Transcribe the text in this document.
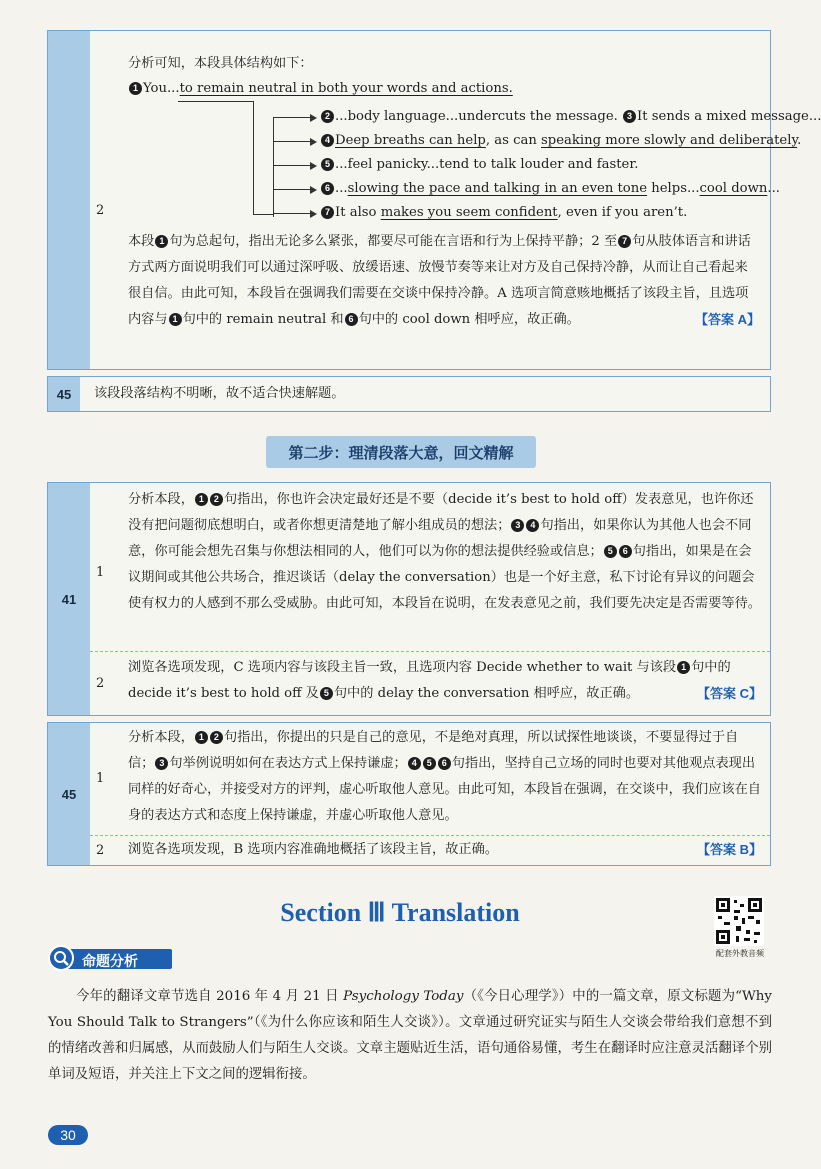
2
分析可知，本段具体结构如下：
1 You...to remain neutral in both your words and actions.
本段 1 句为总起句，指出无论多么紧张，都要尽可能在言语和行为上保持平静；2 至 7 句从肢体语言和讲话方式两方面说明我们可以通过深呼吸、放缓语速、放慢节奏等来让对方及自己保持冷静，从而让自己看起来很自信。由此可知，本段旨在强调我们需要在交谈中保持冷静。A 选项言简意赅地概括了该段主旨，且选项内容与 1 句中的 remain neutral 和 6 句中的 cool down 相呼应，故正确。	【答案 A】
2 ...body language...undercuts the message. 3 It sends a mixed message...
4 Deep breaths can help, as can speaking more slowly and deliberately.
5 ...feel panicky...tend to talk louder and faster.
6 ...slowing the pace and talking in an even tone helps...cool down...
7 It also makes you seem confident, even if you aren’t.
45	该段段落结构不明晰，故不适合快速解题。
第二步：理清段落大意，回文精解
41
1
分析本段， 1 2 句指出，你也许会决定最好还是不要（decide it’s best to hold off）发表意见，也许你还没有把问题彻底想明白，或者你想更清楚地了解小组成员的想法； 3 4 句指出，如果你认为其他人也会不同意，你可能会想先召集与你想法相同的人，他们可以为你的想法提供经验或信息； 5 6 句指出，如果是在会议期间或其他公共场合，推迟谈话（delay the conversation）也是一个好主意，私下讨论有异议的问题会使有权力的人感到不那么受威胁。由此可知，本段旨在说明，在发表意见之前，我们要先决定是否需要等待。
2
浏览各选项发现，C 选项内容与该段主旨一致，且选项内容 Decide whether to wait 与该段 1 句中的 decide it’s best to hold off 及 5 句中的 delay the conversation 相呼应，故正确。	【答案 C】
45
1
分析本段， 1 2 句指出，你提出的只是自己的意见，不是绝对真理，所以试探性地谈谈，不要显得过于自信； 3 句举例说明如何在表达方式上保持谦虚； 4 5 6 句指出，坚持自己立场的同时也要对其他观点表现出同样的好奇心，并接受对方的评判，虚心听取他人意见。由此可知，本段旨在强调，在交谈中，我们应该在自身的表达方式和态度上保持谦虚，并虚心听取他人意见。
2 浏览各选项发现，B 选项内容准确地概括了该段主旨，故正确。	【答案 B】
Section Ⅲ Translation
配套外教音频
命题分析
今年的翻译文章节选自 2016 年 4 月 21 日 Psychology Today（《今日心理学》）中的一篇文章，原文标题为“Why You Should Talk to Strangers”（《为什么你应该和陌生人交谈》）。文章通过研究证实与陌生人交谈会带给我们意想不到的情绪改善和归属感，从而鼓励人们与陌生人交谈。文章主题贴近生活，语句通俗易懂，考生在翻译时应注意灵活翻译个别单词及短语，并关注上下文之间的逻辑衔接。
30
